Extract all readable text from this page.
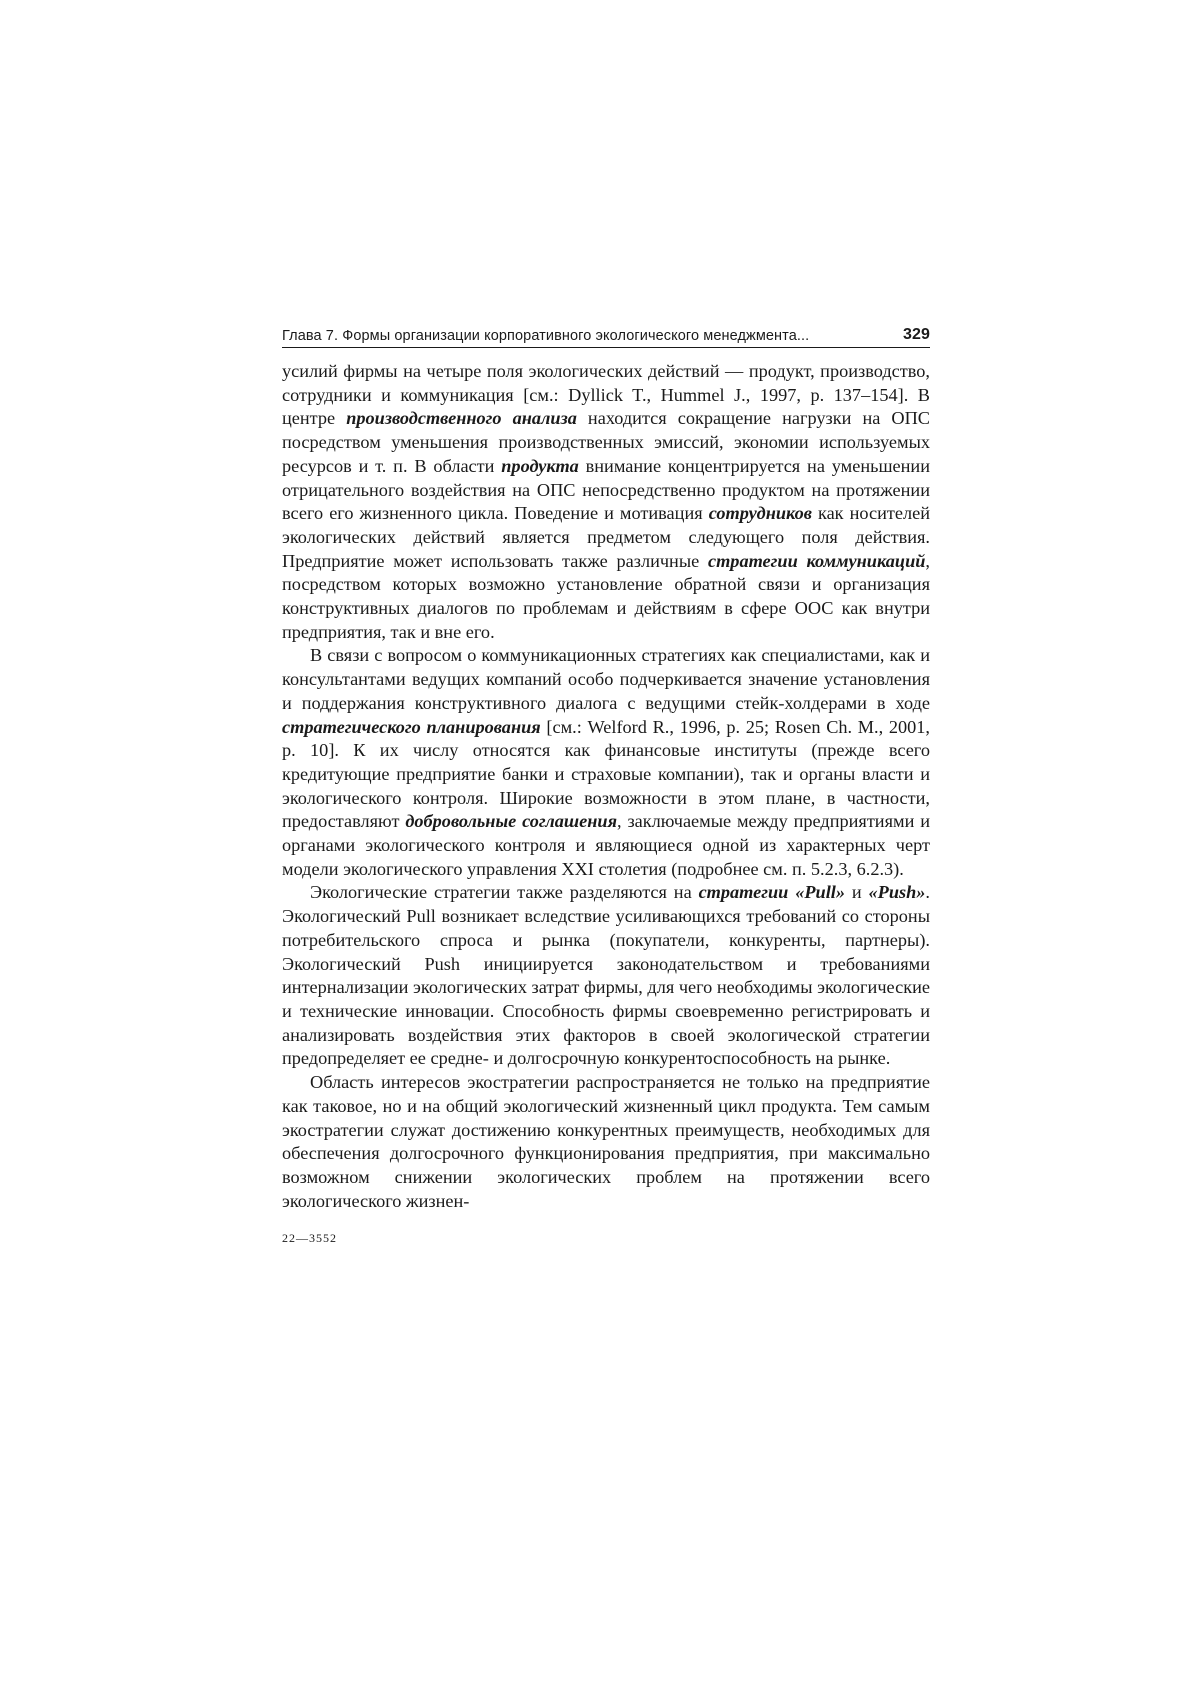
Глава 7. Формы организации корпоративного экологического менеджмента...	329

усилий фирмы на четыре поля экологических действий — продукт, производство, сотрудники и коммуникация [см.: Dyllick T., Hummel J., 1997, p. 137–154]. В центре производственного анализа находится сокращение нагрузки на ОПС посредством уменьшения производственных эмиссий, экономии используемых ресурсов и т. п. В области продукта внимание концентрируется на уменьшении отрицательного воздействия на ОПС непосредственно продуктом на протяжении всего его жизненного цикла. Поведение и мотивация сотрудников как носителей экологических действий является предметом следующего поля действия. Предприятие может использовать также различные стратегии коммуникаций, посредством которых возможно установление обратной связи и организация конструктивных диалогов по проблемам и действиям в сфере ООС как внутри предприятия, так и вне его.

В связи с вопросом о коммуникационных стратегиях как специалистами, как и консультантами ведущих компаний особо подчеркивается значение установления и поддержания конструктивного диалога с ведущими стейк-холдерами в ходе стратегического планирования [см.: Welford R., 1996, p. 25; Rosen Ch. M., 2001, p. 10]. К их числу относятся как финансовые институты (прежде всего кредитующие предприятие банки и страховые компании), так и органы власти и экологического контроля. Широкие возможности в этом плане, в частности, предоставляют добровольные соглашения, заключаемые между предприятиями и органами экологического контроля и являющиеся одной из характерных черт модели экологического управления XXI столетия (подробнее см. п. 5.2.3, 6.2.3).

Экологические стратегии также разделяются на стратегии «Pull» и «Push». Экологический Pull возникает вследствие усиливающихся требований со стороны потребительского спроса и рынка (покупатели, конкуренты, партнеры). Экологический Push инициируется законодательством и требованиями интернализации экологических затрат фирмы, для чего необходимы экологические и технические инновации. Способность фирмы своевременно регистрировать и анализировать воздействия этих факторов в своей экологической стратегии предопределяет ее средне- и долгосрочную конкурентоспособность на рынке.

Область интересов экостратегии распространяется не только на предприятие как таковое, но и на общий экологический жизненный цикл продукта. Тем самым экостратегии служат достижению конкурентных преимуществ, необходимых для обеспечения долгосрочного функционирования предприятия, при максимально возможном снижении экологических проблем на протяжении всего экологического жизнен-

22—3552
